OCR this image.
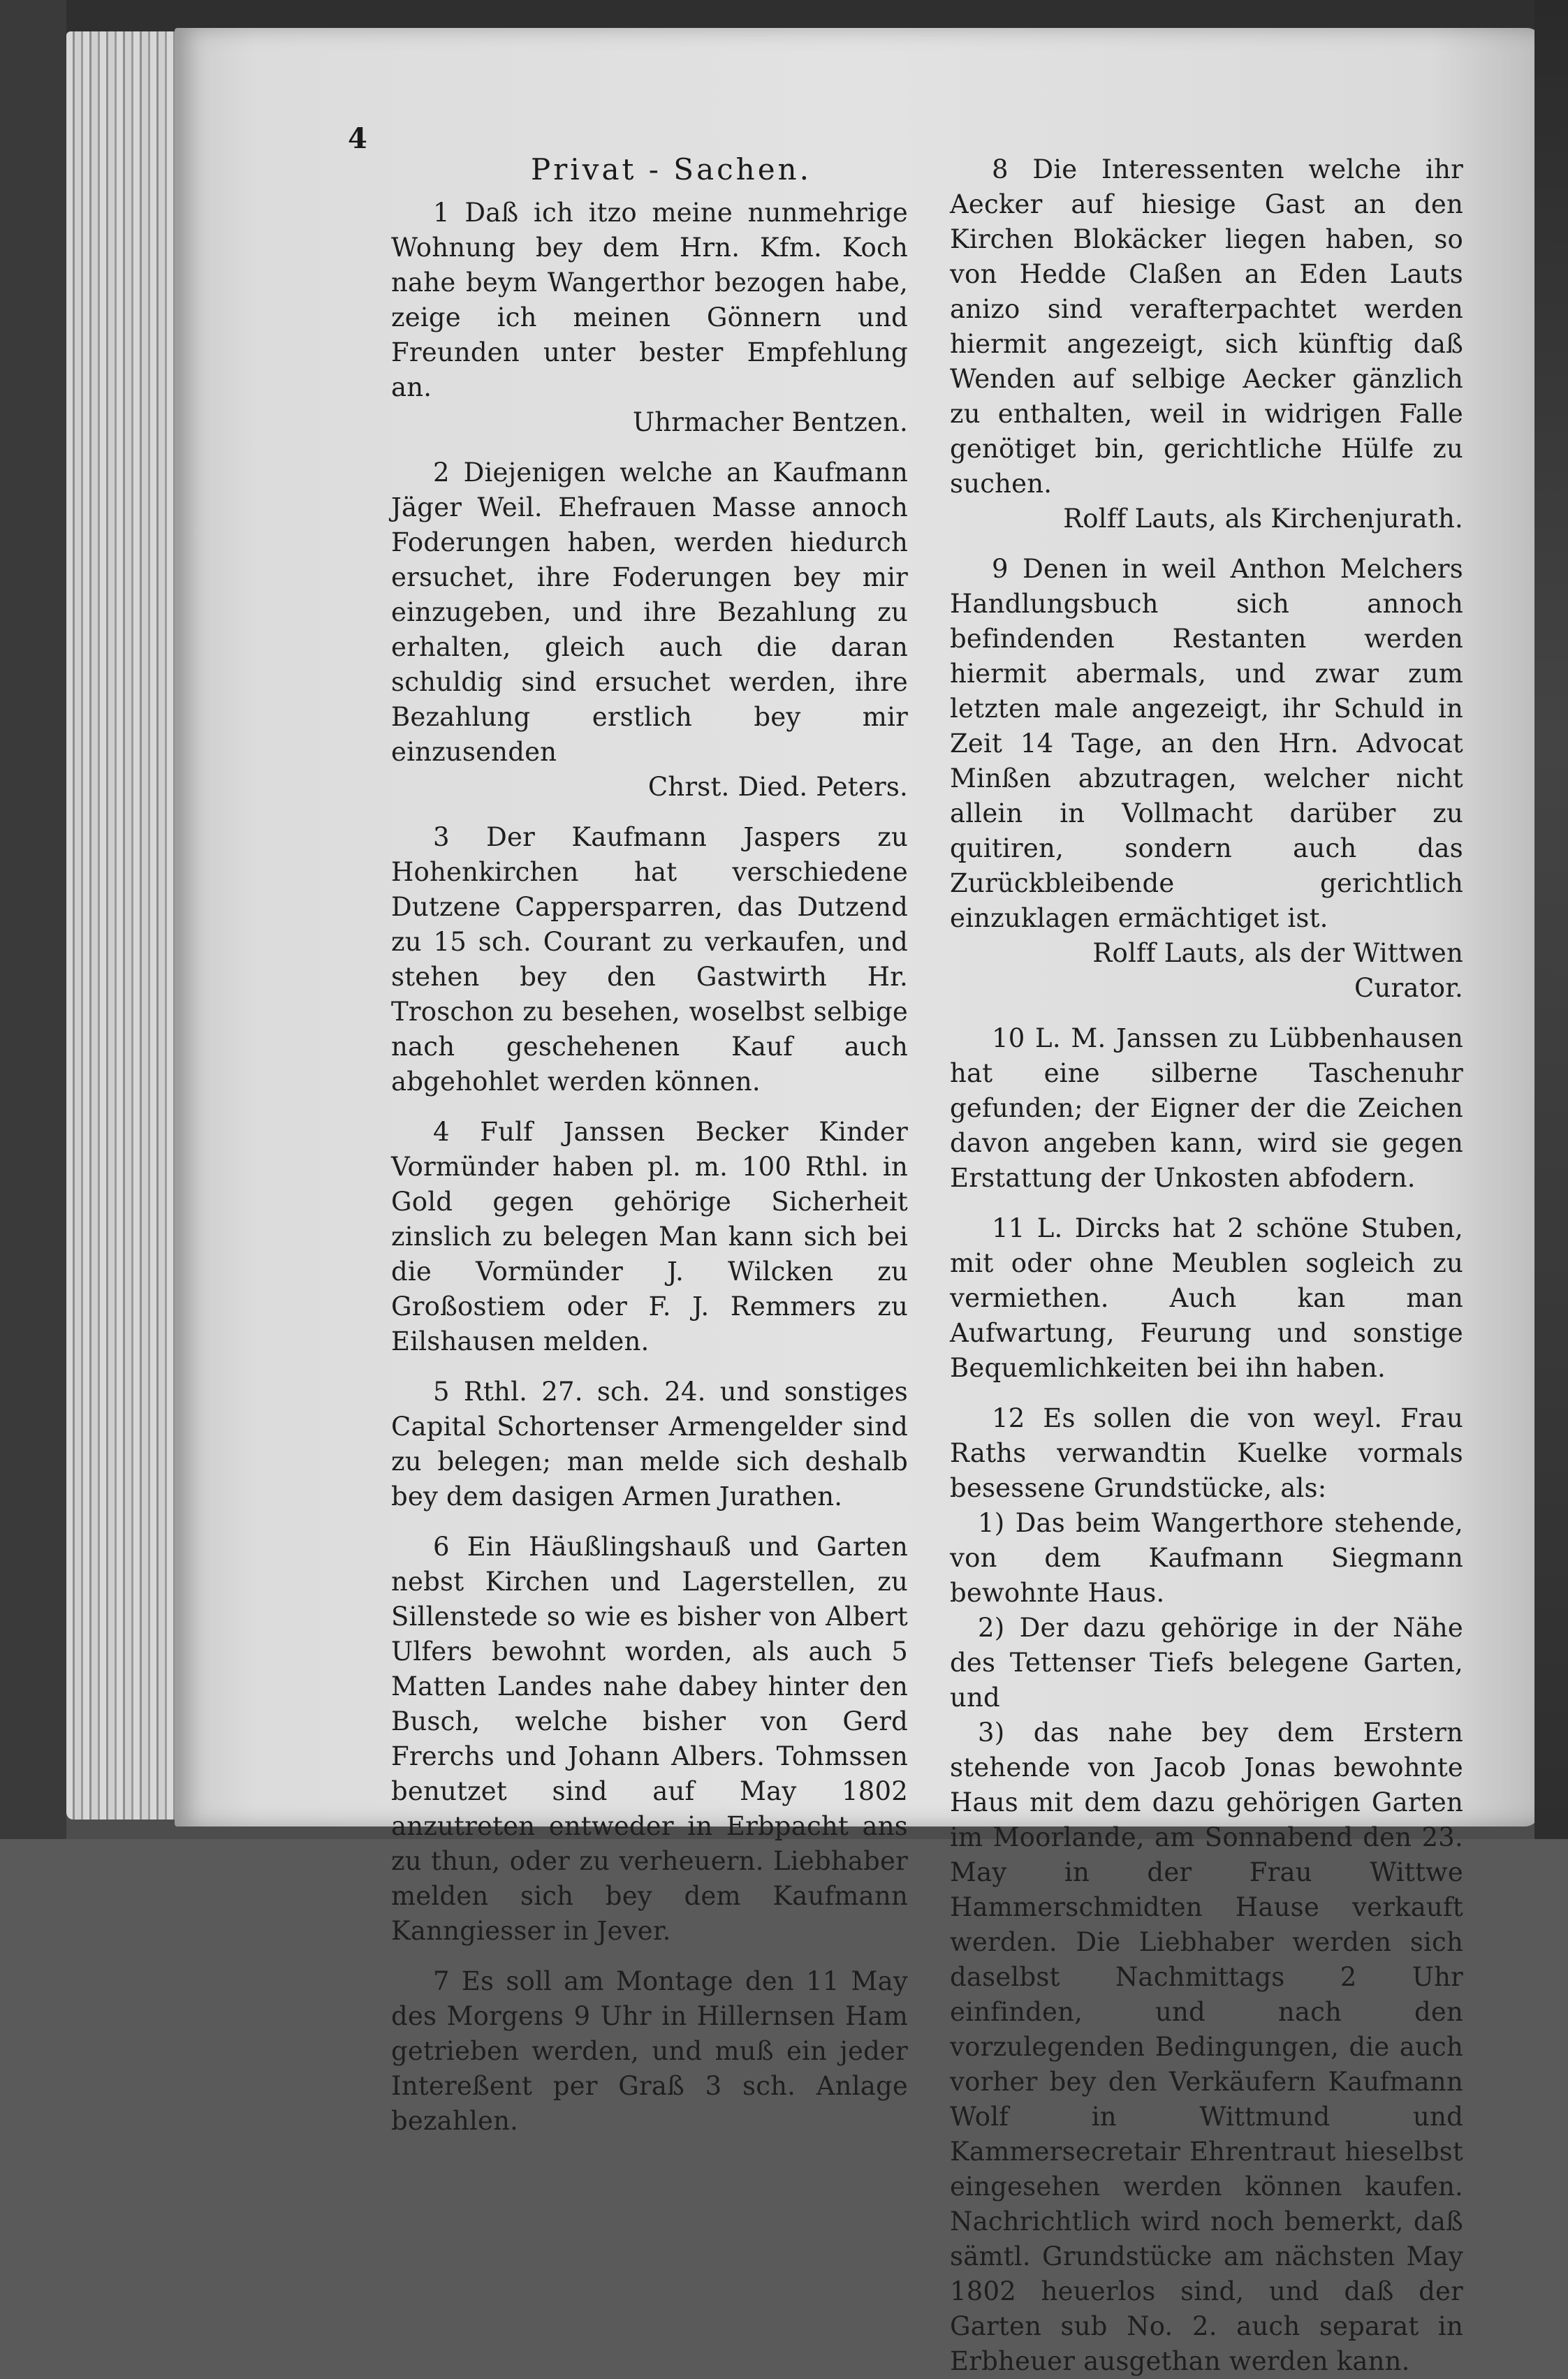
4
Privat - Sachen.

1 Daß ich itzo meine nunmehrige Wohnung bey dem Hrn. Kfm. Koch nahe beym Wangerthor bezogen habe, zeige ich meinen Gönnern und Freunden unter bester Empfehlung an.

Uhrmacher Bentzen.

2 Diejenigen welche an Kaufmann Jäger Weil. Ehefrauen Masse annoch Foderungen haben, werden hiedurch ersuchet, ihre Foderungen bey mir einzugeben, und ihre Bezahlung zu erhalten, gleich auch die daran schuldig sind ersuchet werden, ihre Bezahlung erstlich bey mir einzusenden

Chrst. Died. Peters.

3 Der Kaufmann Jaspers zu Hohenkirchen hat verschiedene Dutzene Cappersparren, das Dutzend zu 15 sch. Courant zu verkaufen, und stehen bey den Gastwirth Hr. Troschon zu besehen, woselbst selbige nach geschehenen Kauf auch abgehohlet werden können.

4 Fulf Janssen Becker Kinder Vormünder haben pl. m. 100 Rthl. in Gold gegen gehörige Sicherheit zinslich zu belegen Man kann sich bei die Vormünder J. Wilcken zu Großostiem oder F. J. Remmers zu Eilshausen melden.

5 Rthl. 27. sch. 24. und sonstiges Capital Schortenser Armengelder sind zu belegen; man melde sich deshalb bey dem dasigen Armen Jurathen.

6 Ein Häußlingshauß und Garten nebst Kirchen und Lagerstellen, zu Sillenstede so wie es bisher von Albert Ulfers bewohnt worden, als auch 5 Matten Landes nahe dabey hinter den Busch, welche bisher von Gerd Frerchs und Johann Albers. Tohmssen benutzet sind auf May 1802 anzutreten entweder in Erbpacht ans zu thun, oder zu verheuern. Liebhaber melden sich bey dem Kaufmann Kanngiesser in Jever.

7 Es soll am Montage den 11 May des Morgens 9 Uhr in Hillernsen Ham getrieben werden, und muß ein jeder Intereßent per Graß 3 sch. Anlage bezahlen.

8 Die Interessenten welche ihr Aecker auf hiesige Gast an den Kirchen Blokäcker liegen haben, so von Hedde Claßen an Eden Lauts anizo sind verafterpachtet werden hiermit angezeigt, sich künftig daß Wenden auf selbige Aecker gänzlich zu enthalten, weil in widrigen Falle genötiget bin, gerichtliche Hülfe zu suchen.

Rolff Lauts, als Kirchenjurath.

9 Denen in weil Anthon Melchers Handlungsbuch sich annoch befindenden Restanten werden hiermit abermals, und zwar zum letzten male angezeigt, ihr Schuld in Zeit 14 Tage, an den Hrn. Advocat Minßen abzutragen, welcher nicht allein in Vollmacht darüber zu quitiren, sondern auch das Zurückbleibende gerichtlich einzuklagen ermächtiget ist.

Rolff Lauts, als der Wittwen Curator.

10 L. M. Janssen zu Lübbenhausen hat eine silberne Taschenuhr gefunden; der Eigner der die Zeichen davon angeben kann, wird sie gegen Erstattung der Unkosten abfodern.

11 L. Dircks hat 2 schöne Stuben, mit oder ohne Meublen sogleich zu vermiethen. Auch kan man Aufwartung, Feurung und sonstige Bequemlichkeiten bei ihn haben.

12 Es sollen die von weyl. Frau Raths verwandtin Kuelke vormals besessene Grundstücke, als:

1) Das beim Wangerthore stehende, von dem Kaufmann Siegmann bewohnte Haus.

2) Der dazu gehörige in der Nähe des Tettenser Tiefs belegene Garten, und

3) das nahe bey dem Erstern stehende von Jacob Jonas bewohnte Haus mit dem dazu gehörigen Garten im Moorlande, am Sonnabend den 23. May in der Frau Wittwe Hammerschmidten Hause verkauft werden. Die Liebhaber werden sich daselbst Nachmittags 2 Uhr einfinden, und nach den vorzulegenden Bedingungen, die auch vorher bey den Verkäufern Kaufmann Wolf in Wittmund und Kammersecretair Ehrentraut hieselbst eingesehen werden können kaufen. Nachrichtlich wird noch bemerkt, daß sämtl. Grundstücke am nächsten May 1802 heuerlos sind, und daß der Garten sub No. 2. auch separat in Erbheuer ausgethan werden kann.
